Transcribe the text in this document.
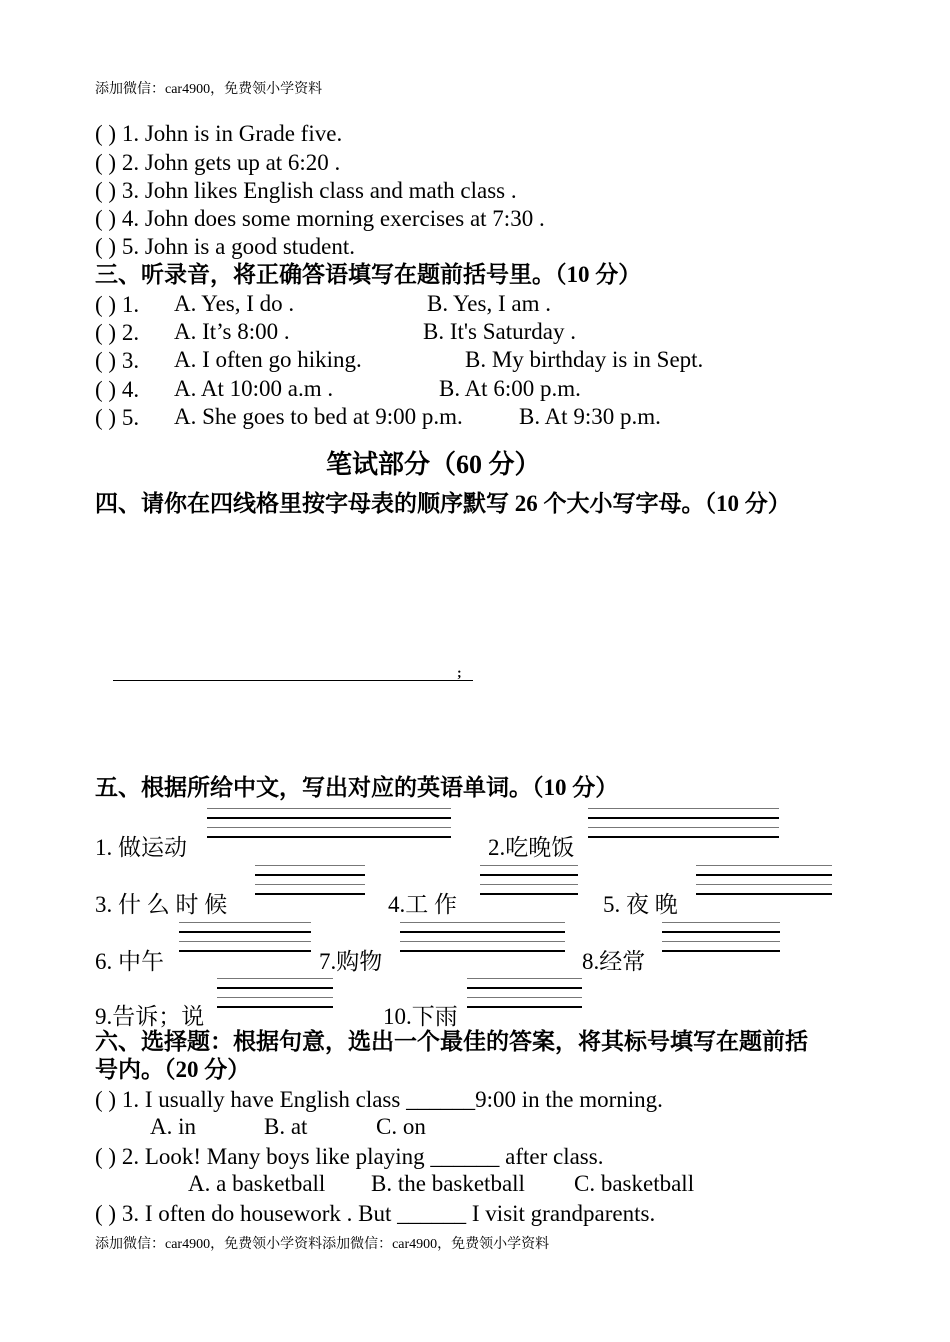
添加微信：car4900，免费领小学资料
( ) 1. John is in Grade five.
( ) 2. John gets up at 6:20 .
( ) 3. John likes English class and math class .
( ) 4. John does some morning exercises at 7:30 .
( ) 5. John is a good student.
三、听录音，将正确答语填写在题前括号里。（10 分）
( ) 1. A. Yes, I do .	B. Yes, I am .
( ) 2. A. It’s 8:00 .	B. It's Saturday .
( ) 3. A. I often go hiking.	B. My birthday is in Sept.
( ) 4. A. At 10:00 a.m .	B. At 6:00 p.m.
( ) 5. A. She goes to bed at 9:00 p.m. B. At 9:30 p.m.
笔试部分（60 分）
四、请你在四线格里按字母表的顺序默写 26 个大小写字母。（10 分）
;
五、根据所给中文，写出对应的英语单词。（10 分）
1. 做运动	2.吃晚饭
3. 什 么 时 候	4.工 作	5. 夜 晚
6. 中午	7.购物	8.经常
9.告诉；说	10.下雨
六、选择题：根据句意，选出一个最佳的答案，将其标号填写在题前括
号内。（20 分）
( ) 1. I usually have English class ______9:00 in the morning.
A. in	B. at	C. on
( ) 2. Look! Many boys like playing ______ after class.
A. a basketball B. the basketball C. basketball
( ) 3. I often do housework . But ______ I visit grandparents.
添加微信：car4900，免费领小学资料添加微信：car4900，免费领小学资料
